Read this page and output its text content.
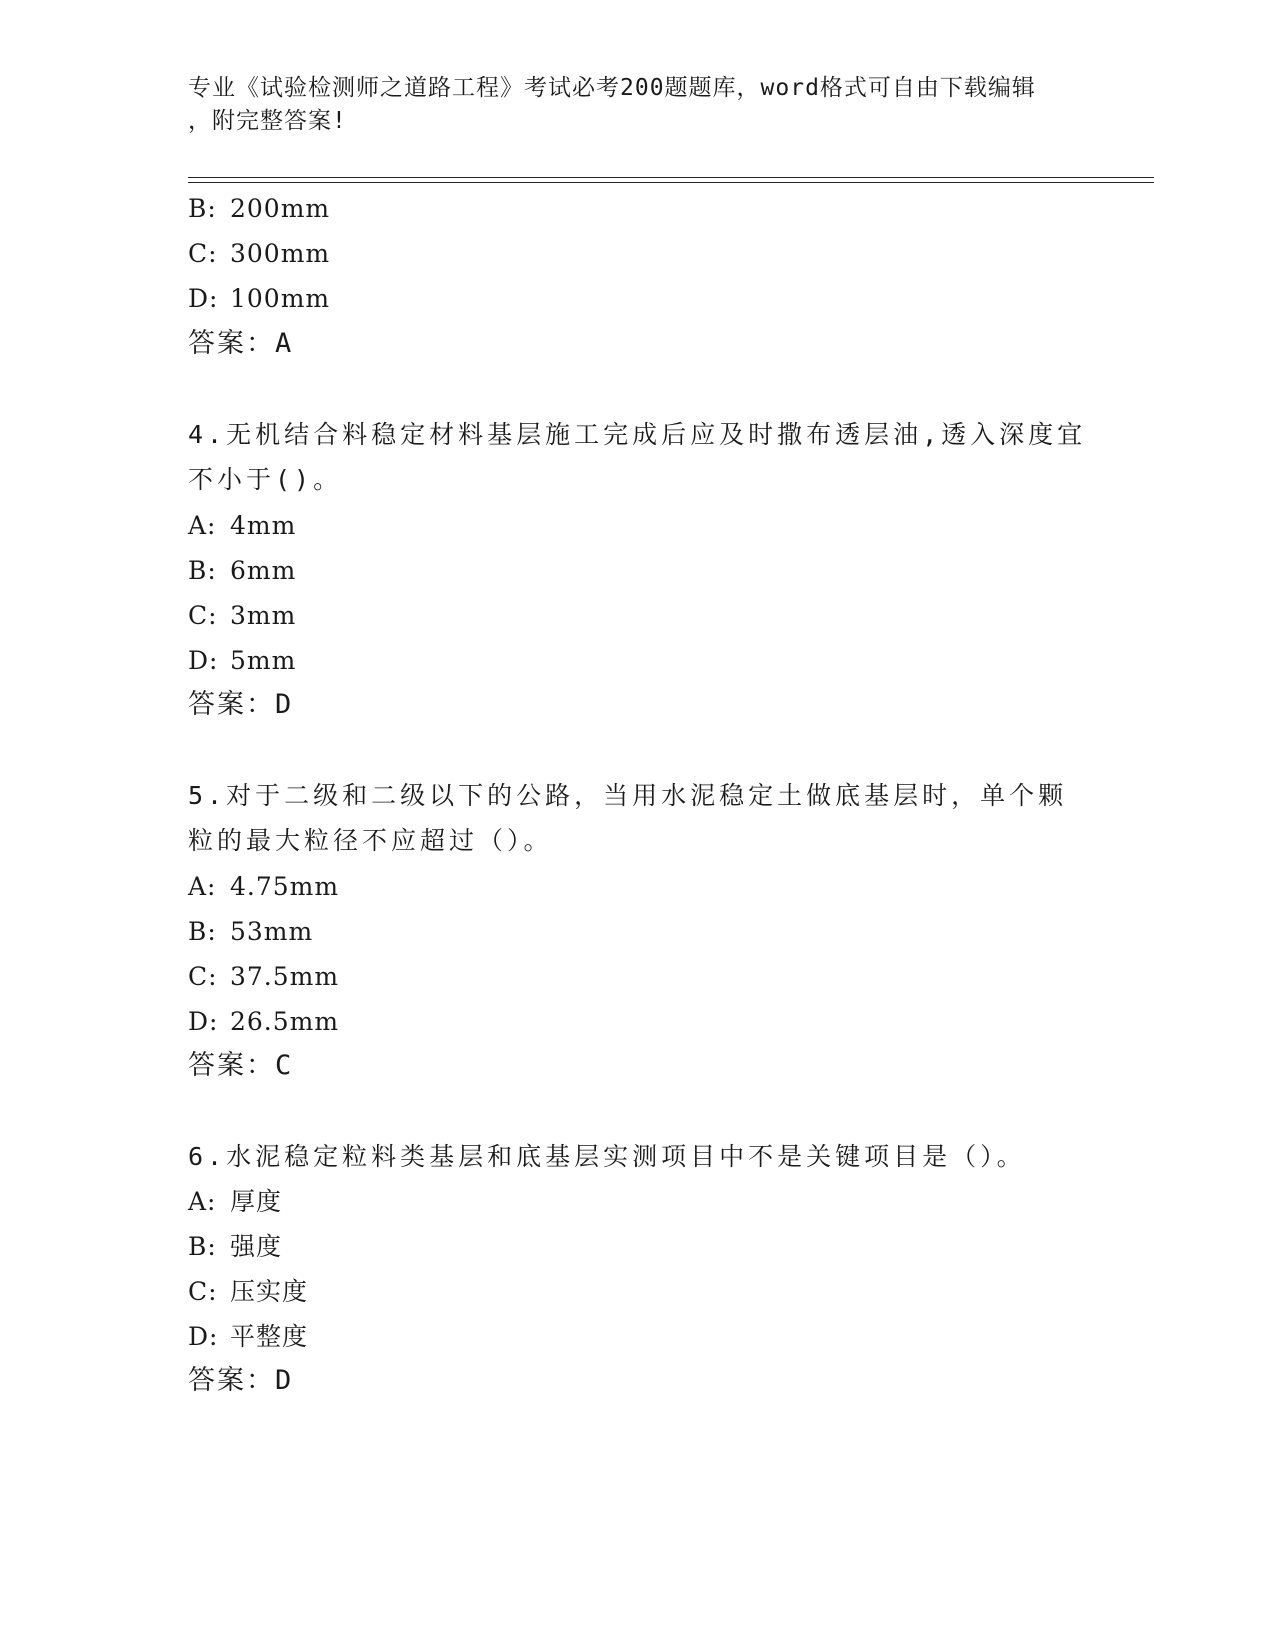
专业《试验检测师之道路工程》考试必考200题题库，word格式可自由下载编辑
，附完整答案!
B: 200mm
C: 300mm
D: 100mm
答案：A
4.无机结合料稳定材料基层施工完成后应及时撒布透层油,透入深度宜
不小于()。
A: 4mm
B: 6mm
C: 3mm
D: 5mm
答案：D
5.对于二级和二级以下的公路，当用水泥稳定土做底基层时，单个颗
粒的最大粒径不应超过（）。
A: 4.75mm
B: 53mm
C: 37.5mm
D: 26.5mm
答案：C
6.水泥稳定粒料类基层和底基层实测项目中不是关键项目是（）。
A: 厚度
B: 强度
C: 压实度
D: 平整度
答案：D
